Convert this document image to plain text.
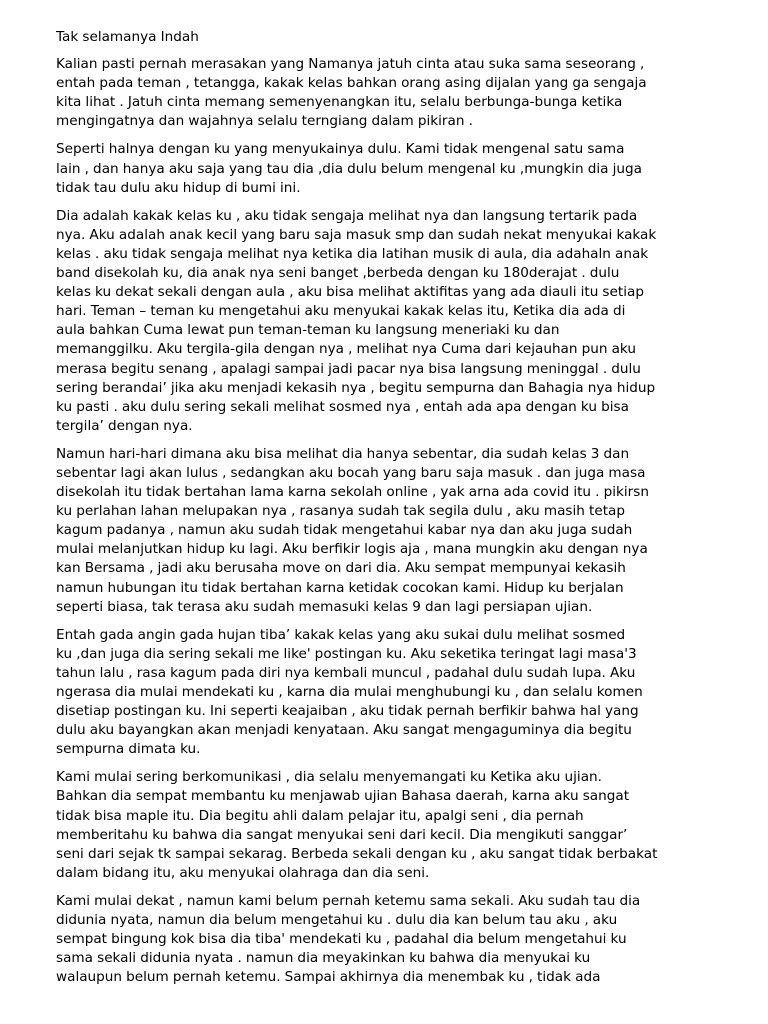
Tak selamanya Indah

Kalian pasti pernah merasakan yang Namanya jatuh cinta atau suka sama seseorang ,
entah pada teman , tetangga, kakak kelas bahkan orang asing dijalan yang ga sengaja
kita lihat . Jatuh cinta memang semenyenangkan itu, selalu berbunga-bunga ketika
mengingatnya dan wajahnya selalu terngiang dalam pikiran .

Seperti halnya dengan ku yang menyukainya dulu. Kami tidak mengenal satu sama
lain , dan hanya aku saja yang tau dia ,dia dulu belum mengenal ku ,mungkin dia juga
tidak tau dulu aku hidup di bumi ini.

Dia adalah kakak kelas ku , aku tidak sengaja melihat nya dan langsung tertarik pada
nya. Aku adalah anak kecil yang baru saja masuk smp dan sudah nekat menyukai kakak
kelas . aku tidak sengaja melihat nya ketika dia latihan musik di aula, dia adahaln anak
band disekolah ku, dia anak nya seni banget ,berbeda dengan ku 180derajat . dulu
kelas ku dekat sekali dengan aula , aku bisa melihat aktifitas yang ada diauli itu setiap
hari. Teman – teman ku mengetahui aku menyukai kakak kelas itu, Ketika dia ada di
aula bahkan Cuma lewat pun teman-teman ku langsung meneriaki ku dan
memanggilku. Aku tergila-gila dengan nya , melihat nya Cuma dari kejauhan pun aku
merasa begitu senang , apalagi sampai jadi pacar nya bisa langsung meninggal . dulu
sering berandai’ jika aku menjadi kekasih nya , begitu sempurna dan Bahagia nya hidup
ku pasti . aku dulu sering sekali melihat sosmed nya , entah ada apa dengan ku bisa
tergila’ dengan nya.

Namun hari-hari dimana aku bisa melihat dia hanya sebentar, dia sudah kelas 3 dan
sebentar lagi akan lulus , sedangkan aku bocah yang baru saja masuk . dan juga masa
disekolah itu tidak bertahan lama karna sekolah online , yak arna ada covid itu . pikirsn
ku perlahan lahan melupakan nya , rasanya sudah tak segila dulu , aku masih tetap
kagum padanya , namun aku sudah tidak mengetahui kabar nya dan aku juga sudah
mulai melanjutkan hidup ku lagi. Aku berfikir logis aja , mana mungkin aku dengan nya
kan Bersama , jadi aku berusaha move on dari dia. Aku sempat mempunyai kekasih
namun hubungan itu tidak bertahan karna ketidak cocokan kami. Hidup ku berjalan
seperti biasa, tak terasa aku sudah memasuki kelas 9 dan lagi persiapan ujian.

Entah gada angin gada hujan tiba’ kakak kelas yang aku sukai dulu melihat sosmed
ku ,dan juga dia sering sekali me like' postingan ku. Aku seketika teringat lagi masa'3
tahun lalu , rasa kagum pada diri nya kembali muncul , padahal dulu sudah lupa. Aku
ngerasa dia mulai mendekati ku , karna dia mulai menghubungi ku , dan selalu komen
disetiap postingan ku. Ini seperti keajaiban , aku tidak pernah berfikir bahwa hal yang
dulu aku bayangkan akan menjadi kenyataan. Aku sangat mengaguminya dia begitu
sempurna dimata ku.

Kami mulai sering berkomunikasi , dia selalu menyemangati ku Ketika aku ujian.
Bahkan dia sempat membantu ku menjawab ujian Bahasa daerah, karna aku sangat
tidak bisa maple itu. Dia begitu ahli dalam pelajar itu, apalgi seni , dia pernah
memberitahu ku bahwa dia sangat menyukai seni dari kecil. Dia mengikuti sanggar’
seni dari sejak tk sampai sekarag. Berbeda sekali dengan ku , aku sangat tidak berbakat
dalam bidang itu, aku menyukai olahraga dan dia seni.

Kami mulai dekat , namun kami belum pernah ketemu sama sekali. Aku sudah tau dia
didunia nyata, namun dia belum mengetahui ku . dulu dia kan belum tau aku , aku
sempat bingung kok bisa dia tiba' mendekati ku , padahal dia belum mengetahui ku
sama sekali didunia nyata . namun dia meyakinkan ku bahwa dia menyukai ku
walaupun belum pernah ketemu. Sampai akhirnya dia menembak ku , tidak ada
